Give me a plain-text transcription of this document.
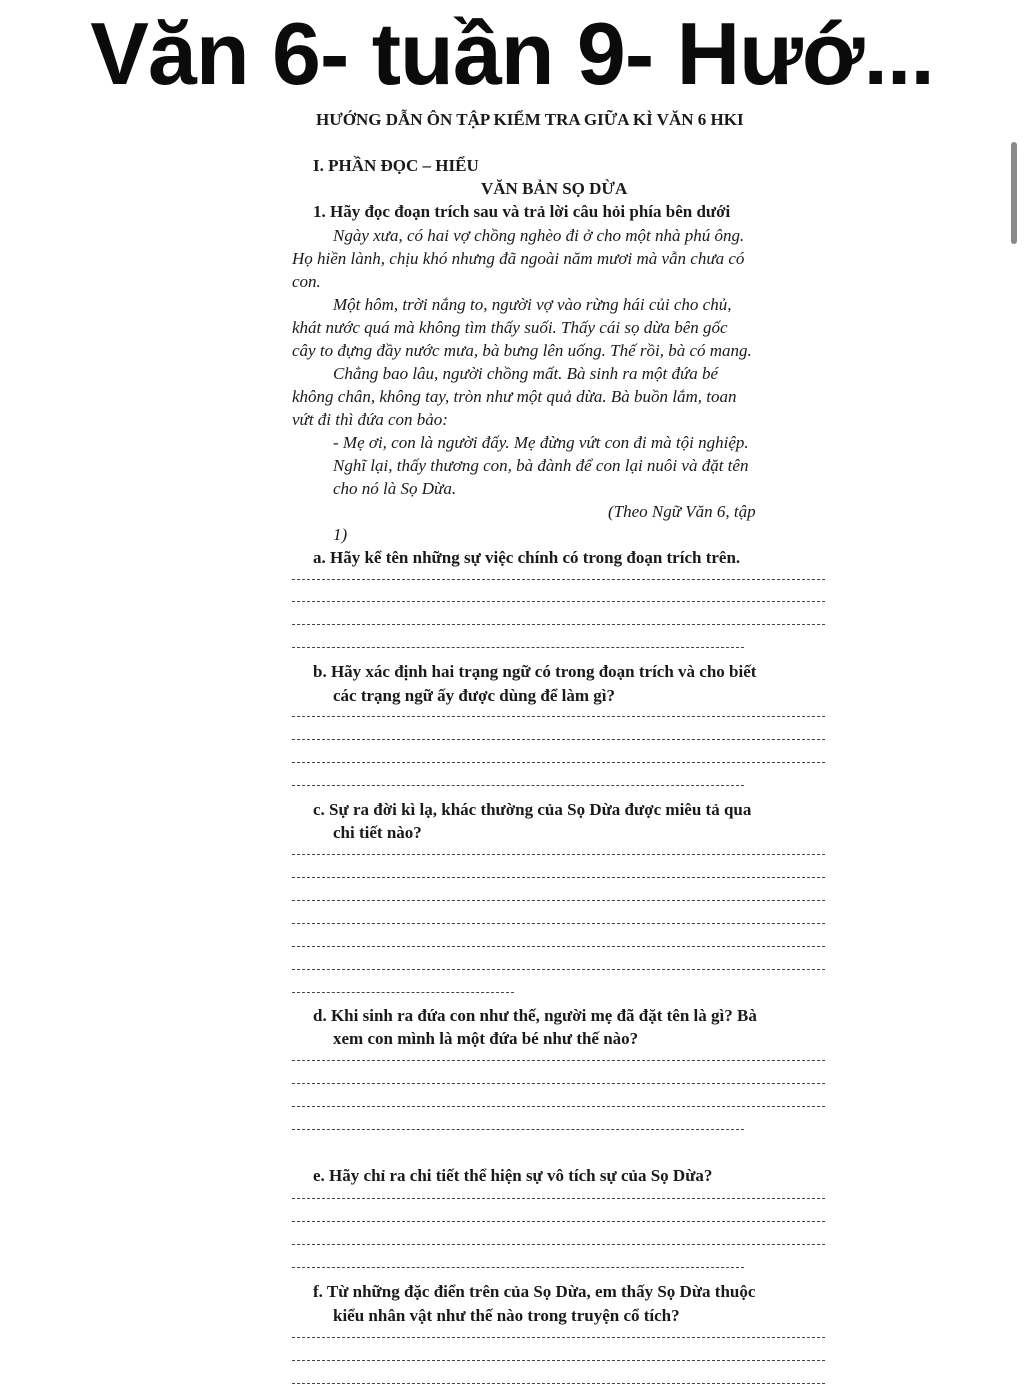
Văn 6- tuần 9- Hướ...
HƯỚNG DẪN ÔN TẬP KIỂM TRA GIỮA KÌ VĂN 6 HKI
I. PHẦN ĐỌC – HIỂU
VĂN BẢN SỌ DỪA
1. Hãy đọc đoạn trích sau và trả lời câu hỏi phía bên dưới
Ngày xưa, có hai vợ chồng nghèo đi ở cho một nhà phú ông.
Họ hiền lành, chịu khó nhưng đã ngoài năm mươi mà vẫn chưa có
con.
Một hôm, trời nắng to, người vợ vào rừng hái củi cho chủ,
khát nước quá mà không tìm thấy suối. Thấy cái sọ dừa bên gốc
cây to đựng đầy nước mưa, bà bưng lên uống. Thế rồi, bà có mang.
Chẳng bao lâu, người chồng mất. Bà sinh ra một đứa bé
không chân, không tay, tròn như một quả dừa. Bà buồn lắm, toan
vứt đi thì đứa con bảo:
- Mẹ ơi, con là người đấy. Mẹ đừng vứt con đi mà tội nghiệp.
Nghĩ lại, thấy thương con, bà đành để con lại nuôi và đặt tên
cho nó là Sọ Dừa.
(Theo Ngữ Văn 6, tập
1)
a. Hãy kể tên những sự việc chính có trong đoạn trích trên.
b. Hãy xác định hai trạng ngữ có trong đoạn trích và cho biết
các trạng ngữ ấy được dùng để làm gì?
c. Sự ra đời kì lạ, khác thường của Sọ Dừa được miêu tả qua
chi tiết nào?
d. Khi sinh ra đứa con như thế, người mẹ đã đặt tên là gì? Bà
xem con mình là một đứa bé như thế nào?
e. Hãy chỉ ra chi tiết thể hiện sự vô tích sự của Sọ Dừa?
f. Từ những đặc điển trên của Sọ Dừa, em thấy Sọ Dừa thuộc
kiểu nhân vật như thế nào trong truyện cổ tích?
